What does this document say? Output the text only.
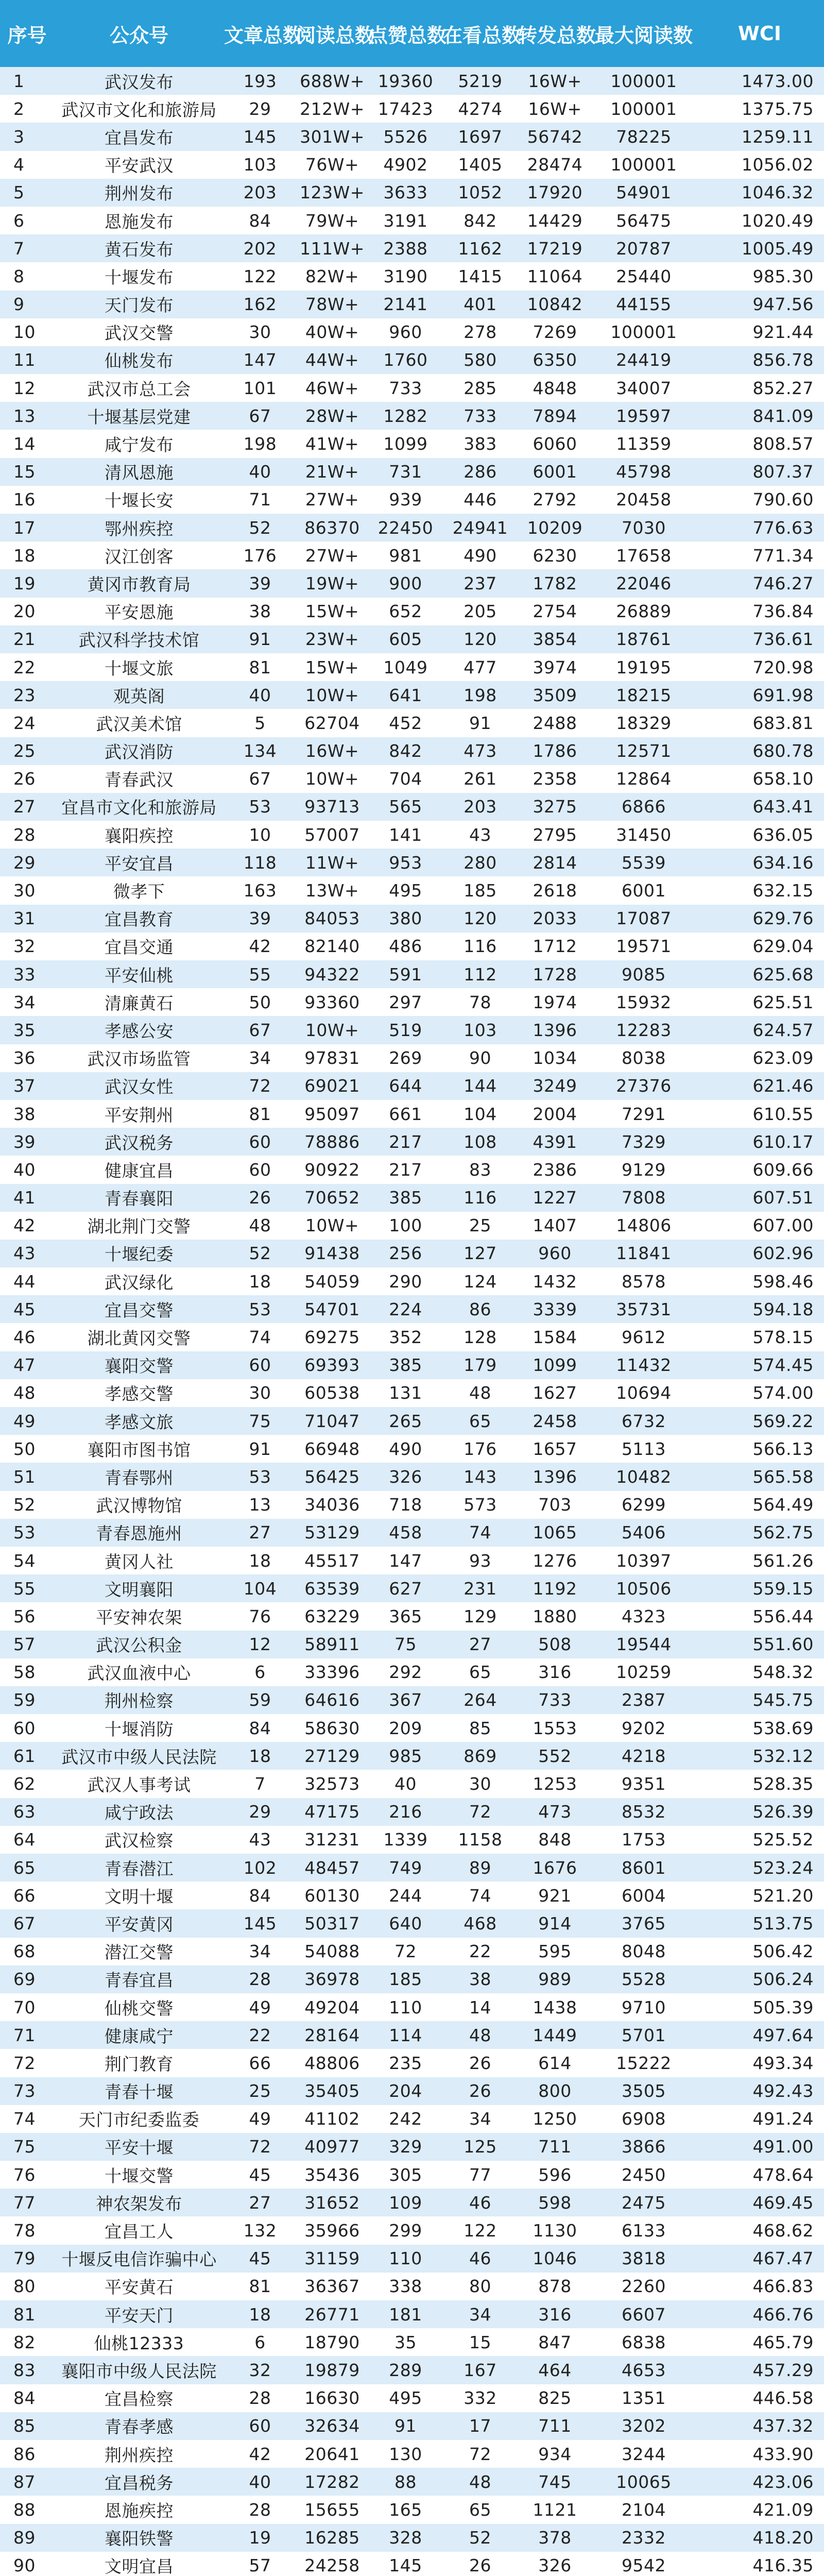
序号	公众号	文章总数	阅读总数	点赞总数	在看总数	转发总数	最大阅读数	WCI
1	武汉发布	193	688W+	19360	5219	16W+	100001	1473.00
2	武汉市文化和旅游局	29	212W+	17423	4274	16W+	100001	1375.75
3	宜昌发布	145	301W+	5526	1697	56742	78225	1259.11
4	平安武汉	103	76W+	4902	1405	28474	100001	1056.02
5	荆州发布	203	123W+	3633	1052	17920	54901	1046.32
6	恩施发布	84	79W+	3191	842	14429	56475	1020.49
7	黄石发布	202	111W+	2388	1162	17219	20787	1005.49
8	十堰发布	122	82W+	3190	1415	11064	25440	985.30
9	天门发布	162	78W+	2141	401	10842	44155	947.56
10	武汉交警	30	40W+	960	278	7269	100001	921.44
11	仙桃发布	147	44W+	1760	580	6350	24419	856.78
12	武汉市总工会	101	46W+	733	285	4848	34007	852.27
13	十堰基层党建	67	28W+	1282	733	7894	19597	841.09
14	咸宁发布	198	41W+	1099	383	6060	11359	808.57
15	清风恩施	40	21W+	731	286	6001	45798	807.37
16	十堰长安	71	27W+	939	446	2792	20458	790.60
17	鄂州疾控	52	86370	22450	24941	10209	7030	776.63
18	汉江创客	176	27W+	981	490	6230	17658	771.34
19	黄冈市教育局	39	19W+	900	237	1782	22046	746.27
20	平安恩施	38	15W+	652	205	2754	26889	736.84
21	武汉科学技术馆	91	23W+	605	120	3854	18761	736.61
22	十堰文旅	81	15W+	1049	477	3974	19195	720.98
23	观英阁	40	10W+	641	198	3509	18215	691.98
24	武汉美术馆	5	62704	452	91	2488	18329	683.81
25	武汉消防	134	16W+	842	473	1786	12571	680.78
26	青春武汉	67	10W+	704	261	2358	12864	658.10
27	宜昌市文化和旅游局	53	93713	565	203	3275	6866	643.41
28	襄阳疾控	10	57007	141	43	2795	31450	636.05
29	平安宜昌	118	11W+	953	280	2814	5539	634.16
30	微孝下	163	13W+	495	185	2618	6001	632.15
31	宜昌教育	39	84053	380	120	2033	17087	629.76
32	宜昌交通	42	82140	486	116	1712	19571	629.04
33	平安仙桃	55	94322	591	112	1728	9085	625.68
34	清廉黄石	50	93360	297	78	1974	15932	625.51
35	孝感公安	67	10W+	519	103	1396	12283	624.57
36	武汉市场监管	34	97831	269	90	1034	8038	623.09
37	武汉女性	72	69021	644	144	3249	27376	621.46
38	平安荆州	81	95097	661	104	2004	7291	610.55
39	武汉税务	60	78886	217	108	4391	7329	610.17
40	健康宜昌	60	90922	217	83	2386	9129	609.66
41	青春襄阳	26	70652	385	116	1227	7808	607.51
42	湖北荆门交警	48	10W+	100	25	1407	14806	607.00
43	十堰纪委	52	91438	256	127	960	11841	602.96
44	武汉绿化	18	54059	290	124	1432	8578	598.46
45	宜昌交警	53	54701	224	86	3339	35731	594.18
46	湖北黄冈交警	74	69275	352	128	1584	9612	578.15
47	襄阳交警	60	69393	385	179	1099	11432	574.45
48	孝感交警	30	60538	131	48	1627	10694	574.00
49	孝感文旅	75	71047	265	65	2458	6732	569.22
50	襄阳市图书馆	91	66948	490	176	1657	5113	566.13
51	青春鄂州	53	56425	326	143	1396	10482	565.58
52	武汉博物馆	13	34036	718	573	703	6299	564.49
53	青春恩施州	27	53129	458	74	1065	5406	562.75
54	黄冈人社	18	45517	147	93	1276	10397	561.26
55	文明襄阳	104	63539	627	231	1192	10506	559.15
56	平安神农架	76	63229	365	129	1880	4323	556.44
57	武汉公积金	12	58911	75	27	508	19544	551.60
58	武汉血液中心	6	33396	292	65	316	10259	548.32
59	荆州检察	59	64616	367	264	733	2387	545.75
60	十堰消防	84	58630	209	85	1553	9202	538.69
61	武汉市中级人民法院	18	27129	985	869	552	4218	532.12
62	武汉人事考试	7	32573	40	30	1253	9351	528.35
63	咸宁政法	29	47175	216	72	473	8532	526.39
64	武汉检察	43	31231	1339	1158	848	1753	525.52
65	青春潜江	102	48457	749	89	1676	8601	523.24
66	文明十堰	84	60130	244	74	921	6004	521.20
67	平安黄冈	145	50317	640	468	914	3765	513.75
68	潜江交警	34	54088	72	22	595	8048	506.42
69	青春宜昌	28	36978	185	38	989	5528	506.24
70	仙桃交警	49	49204	110	14	1438	9710	505.39
71	健康咸宁	22	28164	114	48	1449	5701	497.64
72	荆门教育	66	48806	235	26	614	15222	493.34
73	青春十堰	25	35405	204	26	800	3505	492.43
74	天门市纪委监委	49	41102	242	34	1250	6908	491.24
75	平安十堰	72	40977	329	125	711	3866	491.00
76	十堰交警	45	35436	305	77	596	2450	478.64
77	神农架发布	27	31652	109	46	598	2475	469.45
78	宜昌工人	132	35966	299	122	1130	6133	468.62
79	十堰反电信诈骗中心	45	31159	110	46	1046	3818	467.47
80	平安黄石	81	36367	338	80	878	2260	466.83
81	平安天门	18	26771	181	34	316	6607	466.76
82	仙桃12333	6	18790	35	15	847	6838	465.79
83	襄阳市中级人民法院	32	19879	289	167	464	4653	457.29
84	宜昌检察	28	16630	495	332	825	1351	446.58
85	青春孝感	60	32634	91	17	711	3202	437.32
86	荆州疾控	42	20641	130	72	934	3244	433.90
87	宜昌税务	40	17282	88	48	745	10065	423.06
88	恩施疾控	28	15655	165	65	1121	2104	421.09
89	襄阳铁警	19	16285	328	52	378	2332	418.20
90	文明宜昌	57	24258	145	26	326	9542	416.35
